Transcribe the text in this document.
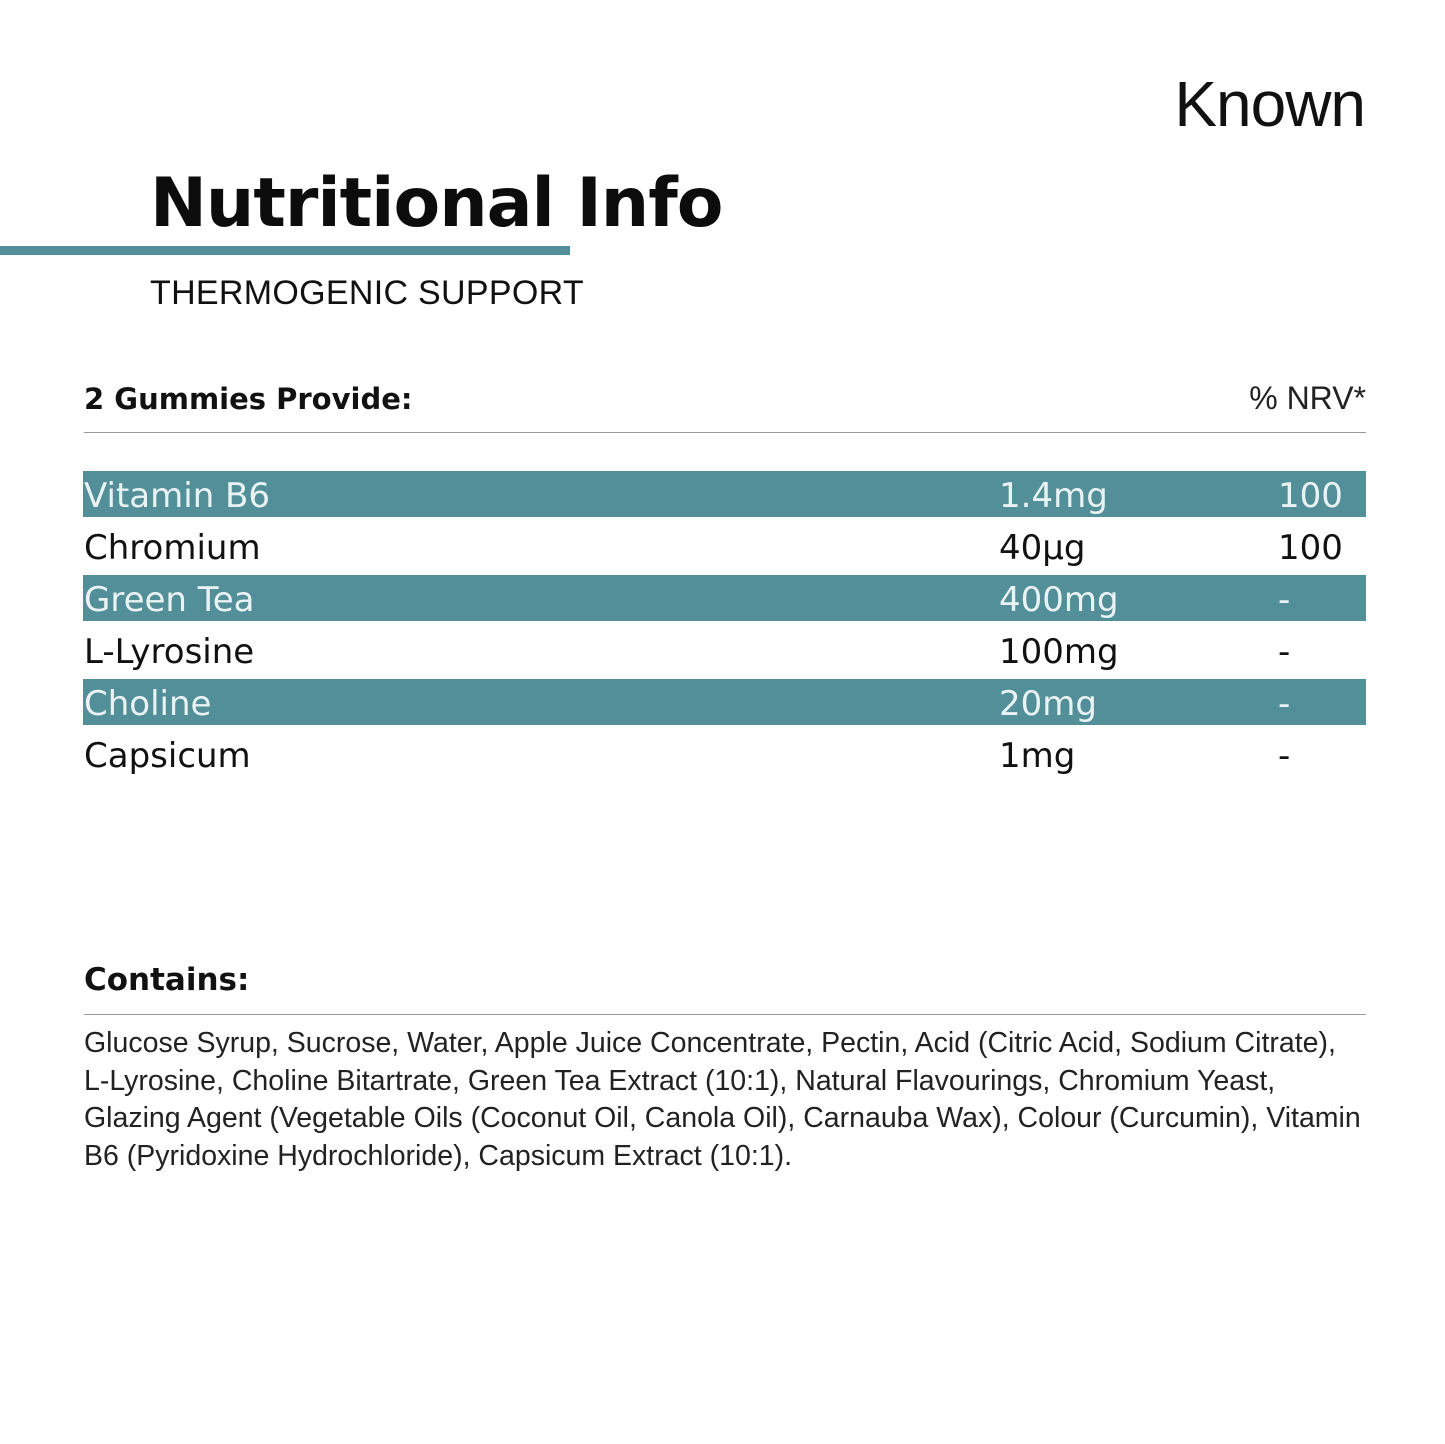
Known
Nutritional Info
THERMOGENIC SUPPORT
2 Gummies Provide:	% NRV*
Vitamin B6	1.4mg	100
Chromium	40µg	100
Green Tea	400mg	-
L-Lyrosine	100mg	-
Choline	20mg	-
Capsicum	1mg	-
Contains:

Glucose Syrup, Sucrose, Water, Apple Juice Concentrate, Pectin, Acid (Citric Acid, Sodium Citrate), L-Lyrosine, Choline Bitartrate, Green Tea Extract (10:1), Natural Flavourings, Chromium Yeast, Glazing Agent (Vegetable Oils (Coconut Oil, Canola Oil), Carnauba Wax), Colour (Curcumin), Vitamin B6 (Pyridoxine Hydrochloride), Capsicum Extract (10:1).
